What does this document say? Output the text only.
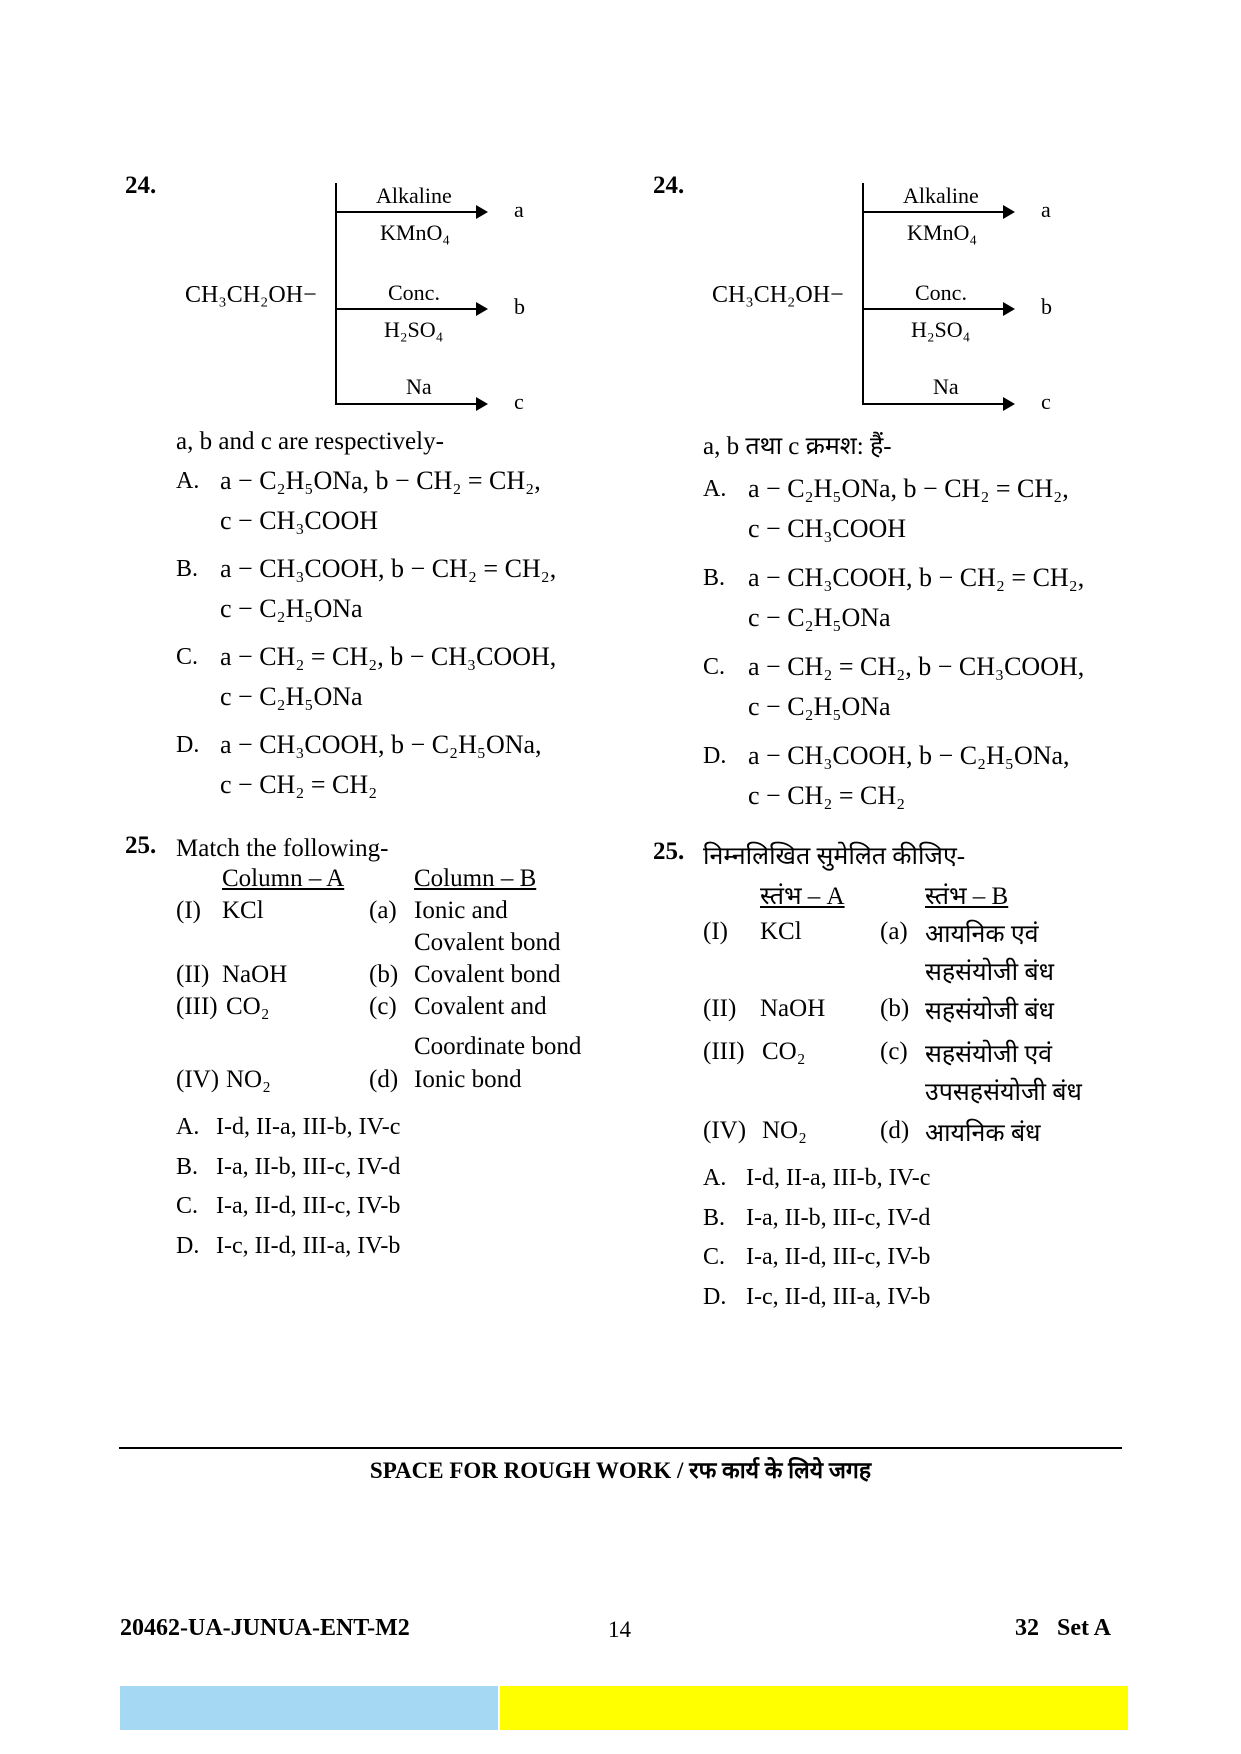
24.
CH₃CH₂OH−
Alkaline
a
KMnO₄
Conc.
b
H₂SO₄
Na
c
a, b and c are respectively-
A. a − C₂H₅ONa, b − CH₂ = CH₂,
c − CH₃COOH
B. a − CH₃COOH, b − CH₂ = CH₂,
c − C₂H₅ONa
C. a − CH₂ = CH₂, b − CH₃COOH,
c − C₂H₅ONa
D. a − CH₃COOH, b − C₂H₅ONa,
c − CH₂ = CH₂
25. Match the following-
Column – A	Column – B
(I) KCl	(a) Ionic and
Covalent bond
(II) NaOH	(b) Covalent bond
(III) CO₂	(c) Covalent and
Coordinate bond
(IV) NO₂	(d) Ionic bond
A. I-d, II-a, III-b, IV-c
B. I-a, II-b, III-c, IV-d
C. I-a, II-d, III-c, IV-b
D. I-c, II-d, III-a, IV-b
24.
CH₃CH₂OH−
Alkaline
a
KMnO₄
Conc.
b
H₂SO₄
Na
c
a, b तथा c क्रमश: हैं-
A. a − C₂H₅ONa, b − CH₂ = CH₂,
c − CH₃COOH
B. a − CH₃COOH, b − CH₂ = CH₂,
c − C₂H₅ONa
C. a − CH₂ = CH₂, b − CH₃COOH,
c − C₂H₅ONa
D. a − CH₃COOH, b − C₂H₅ONa,
c − CH₂ = CH₂
25. निम्नलिखित सुमेलित कीजिए-
स्तंभ – A	स्तंभ – B
(I) KCl	(a) आयनिक एवं
सहसंयोजी बंध
(II) NaOH (b) सहसंयोजी बंध
(III) CO₂	(c) सहसंयोजी एवं
उपसहसंयोजी बंध
(IV) NO₂	(d) आयनिक बंध
A. I-d, II-a, III-b, IV-c
B. I-a, II-b, III-c, IV-d
C. I-a, II-d, III-c, IV-b
D. I-c, II-d, III-a, IV-b
SPACE FOR ROUGH WORK / रफ कार्य के लिये जगह
20462-UA-JUNUA-ENT-M2	14	32   Set A
